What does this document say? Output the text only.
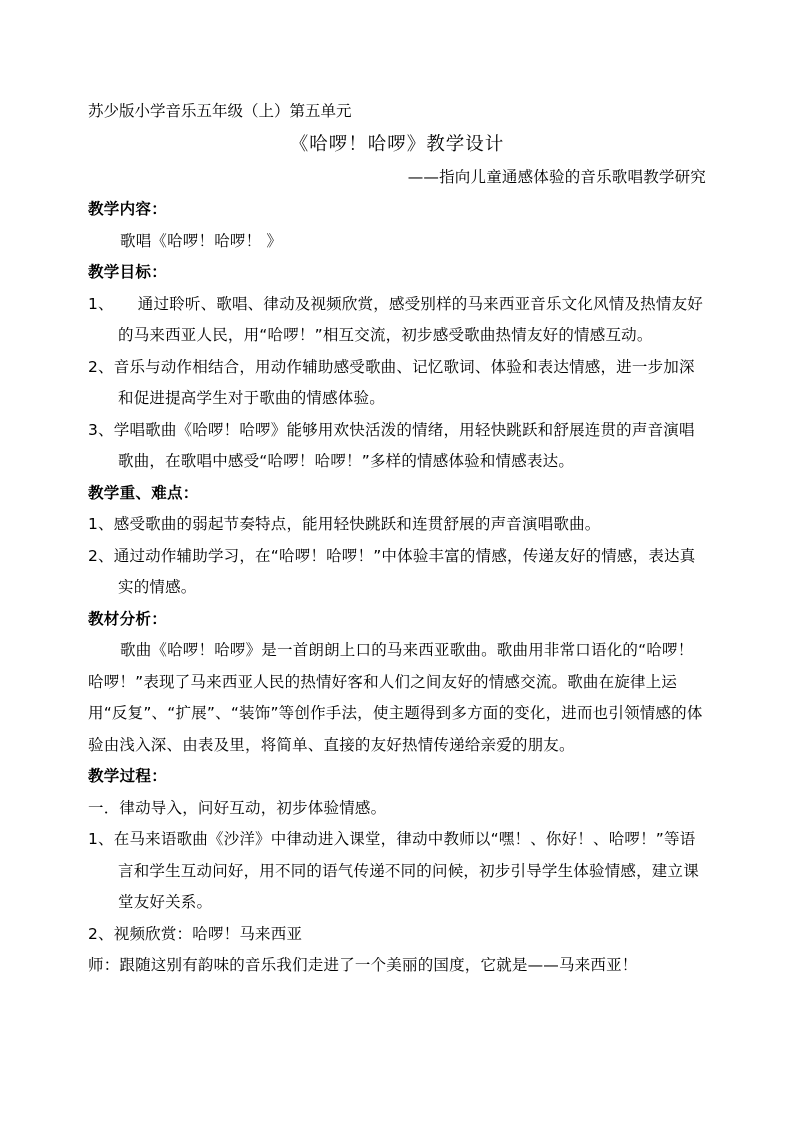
苏少版小学音乐五年级（上）第五单元
《哈啰！哈啰》教学设计
——指向儿童通感体验的音乐歌唱教学研究
教学内容：
歌唱《哈啰！哈啰！ 》
教学目标：
1、 通过聆听、歌唱、律动及视频欣赏，感受别样的马来西亚音乐文化风情及热情友好的马来西亚人民，用“哈啰！”相互交流，初步感受歌曲热情友好的情感互动。
2、音乐与动作相结合，用动作辅助感受歌曲、记忆歌词、体验和表达情感，进一步加深和促进提高学生对于歌曲的情感体验。
3、学唱歌曲《哈啰！哈啰》能够用欢快活泼的情绪，用轻快跳跃和舒展连贯的声音演唱歌曲，在歌唱中感受“哈啰！哈啰！”多样的情感体验和情感表达。
教学重、难点：
1、感受歌曲的弱起节奏特点，能用轻快跳跃和连贯舒展的声音演唱歌曲。
2、通过动作辅助学习，在“哈啰！哈啰！”中体验丰富的情感，传递友好的情感，表达真实的情感。
教材分析：
歌曲《哈啰！哈啰》是一首朗朗上口的马来西亚歌曲。歌曲用非常口语化的“哈啰！哈啰！”表现了马来西亚人民的热情好客和人们之间友好的情感交流。歌曲在旋律上运用“反复”、“扩展”、“装饰”等创作手法，使主题得到多方面的变化，进而也引领情感的体验由浅入深、由表及里，将简单、直接的友好热情传递给亲爱的朋友。
教学过程：
一．律动导入，问好互动，初步体验情感。
1、在马来语歌曲《沙洋》中律动进入课堂，律动中教师以“嘿！、你好！、哈啰！”等语言和学生互动问好，用不同的语气传递不同的问候，初步引导学生体验情感，建立课堂友好关系。
2、视频欣赏：哈啰！马来西亚
师：跟随这别有韵味的音乐我们走进了一个美丽的国度，它就是——马来西亚！
